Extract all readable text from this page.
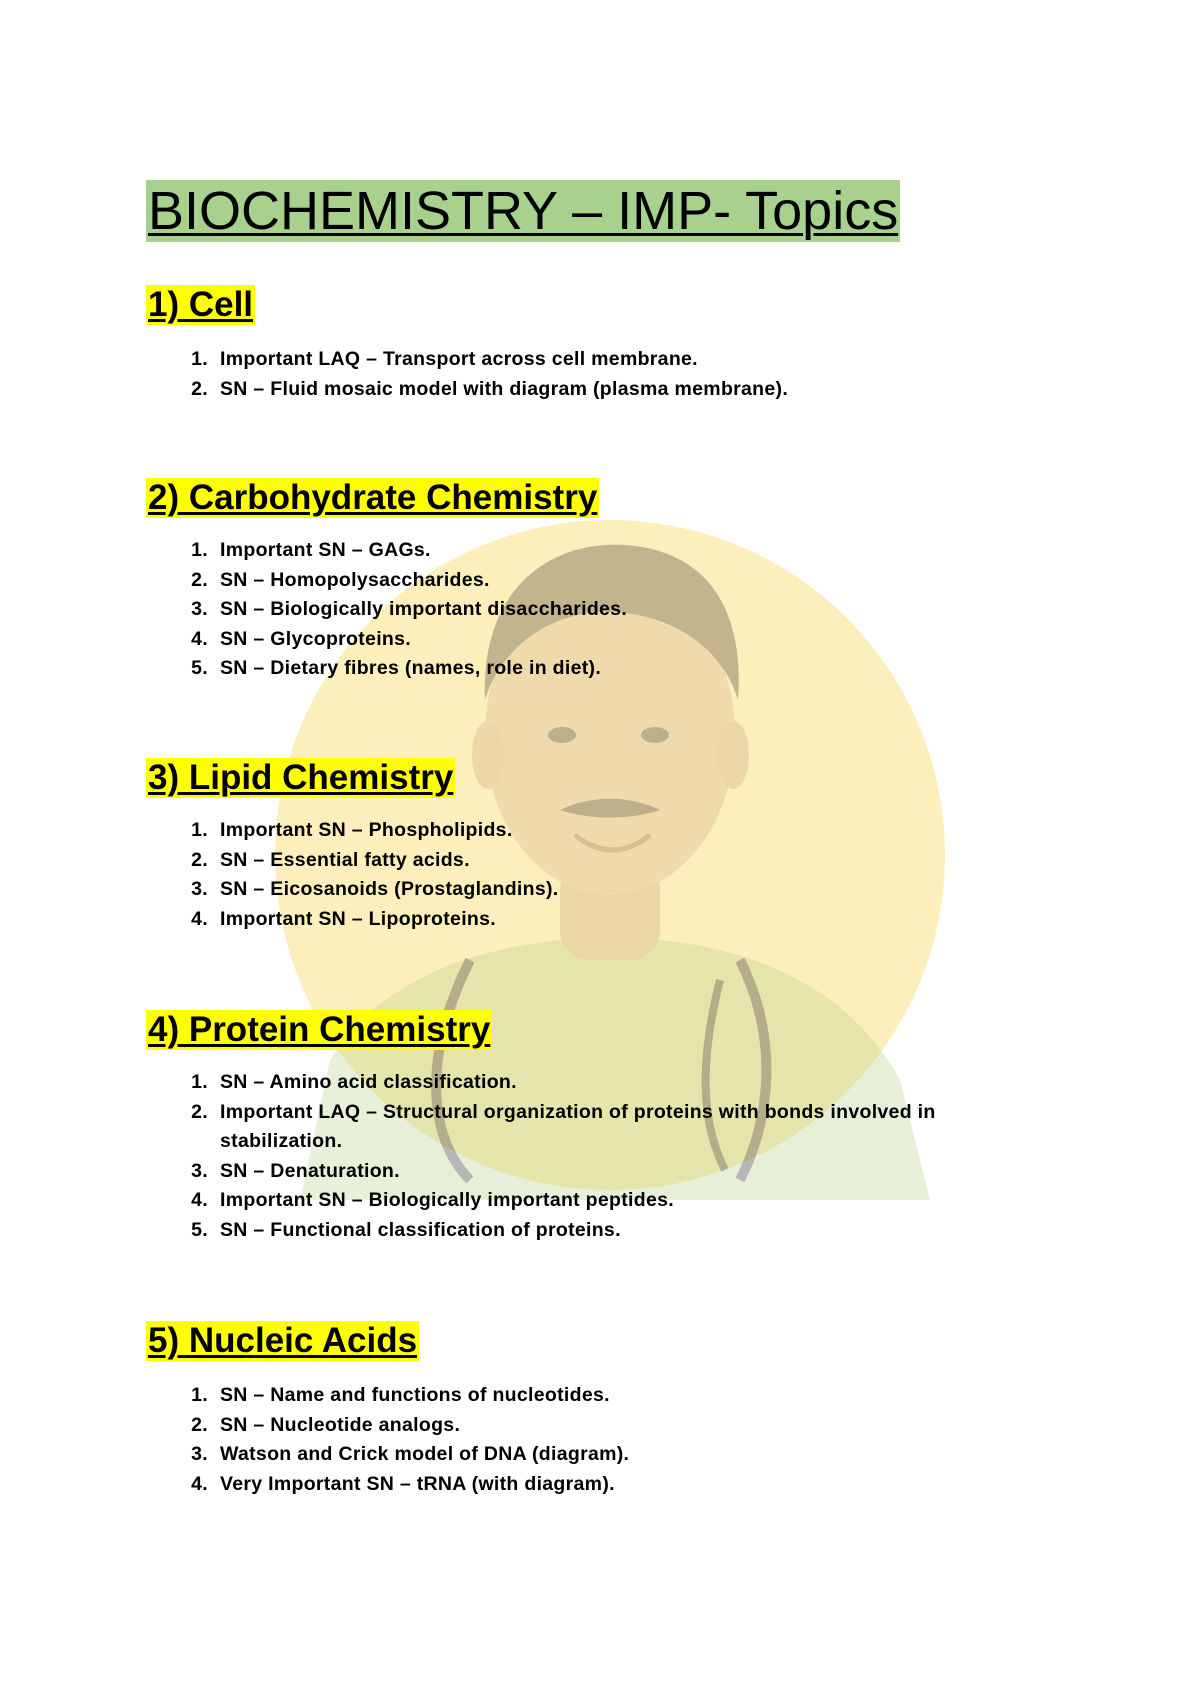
BIOCHEMISTRY – IMP- Topics
1) Cell
1. Important LAQ – Transport across cell membrane.
2. SN – Fluid mosaic model with diagram (plasma membrane).
2) Carbohydrate Chemistry
1. Important SN – GAGs.
2. SN – Homopolysaccharides.
3. SN – Biologically important disaccharides.
4. SN – Glycoproteins.
5. SN – Dietary fibres (names, role in diet).
3) Lipid Chemistry
1. Important SN – Phospholipids.
2. SN – Essential fatty acids.
3. SN – Eicosanoids (Prostaglandins).
4. Important SN – Lipoproteins.
4) Protein Chemistry
1. SN – Amino acid classification.
2. Important LAQ – Structural organization of proteins with bonds involved in stabilization.
3. SN – Denaturation.
4. Important SN – Biologically important peptides.
5. SN – Functional classification of proteins.
5) Nucleic Acids
1. SN – Name and functions of nucleotides.
2. SN – Nucleotide analogs.
3. Watson and Crick model of DNA (diagram).
4. Very Important SN – tRNA (with diagram).
